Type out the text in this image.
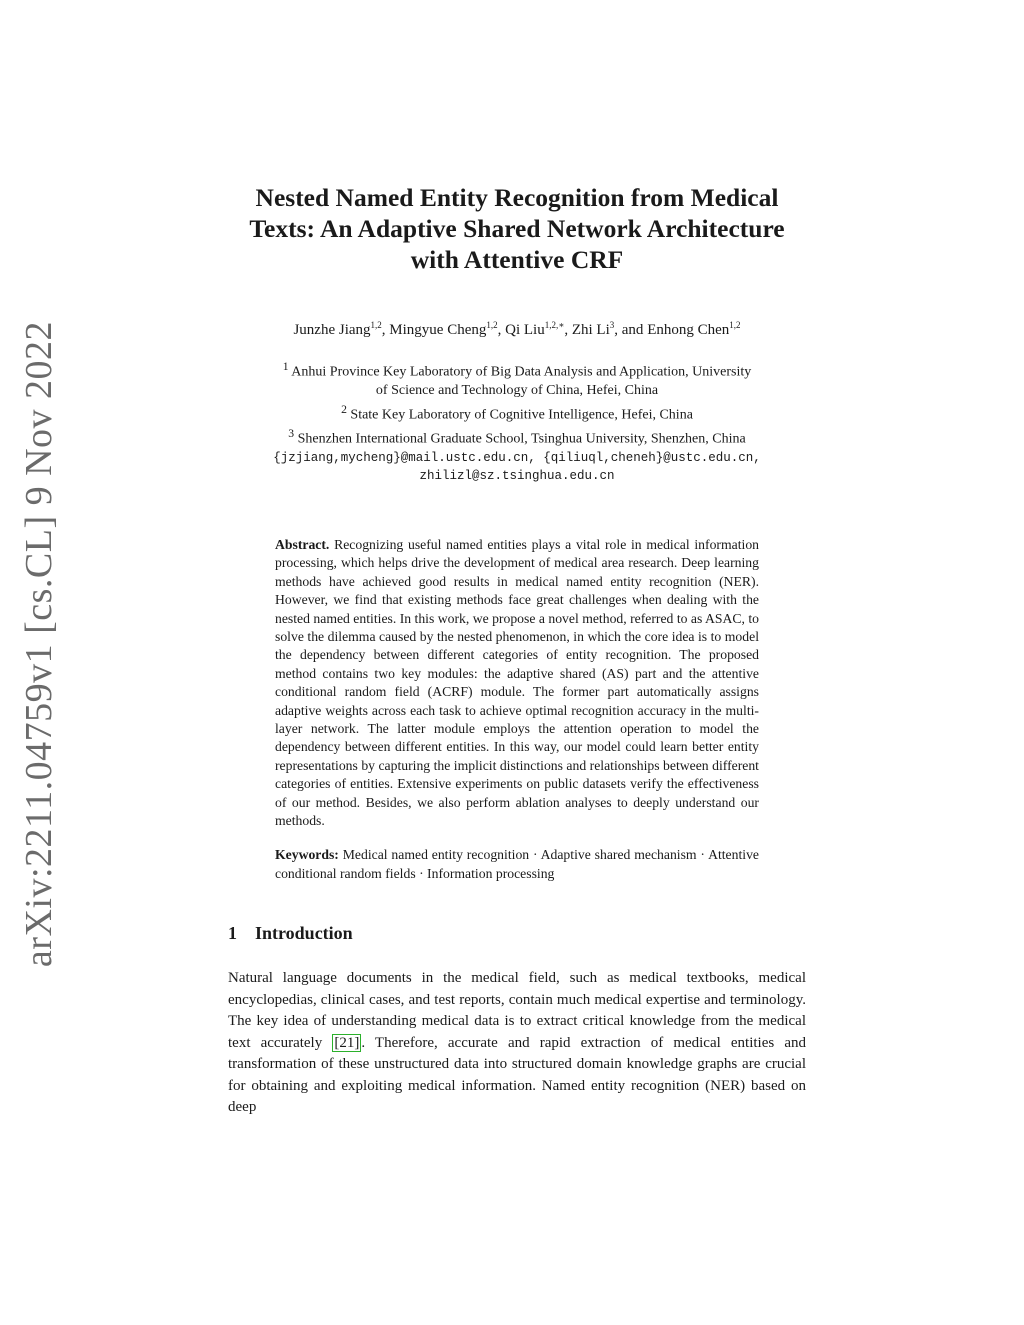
arXiv:2211.04759v1 [cs.CL] 9 Nov 2022
Nested Named Entity Recognition from Medical Texts: An Adaptive Shared Network Architecture with Attentive CRF
Junzhe Jiang$^{1,2}$, Mingyue Cheng$^{1,2}$, Qi Liu$^{1,2,∗}$, Zhi Li$^3$, and Enhong Chen$^{1,2}$
$^1$ Anhui Province Key Laboratory of Big Data Analysis and Application, University
of Science and Technology of China, Hefei, China
$^2$ State Key Laboratory of Cognitive Intelligence, Hefei, China
$^3$ Shenzhen International Graduate School, Tsinghua University, Shenzhen, China
{jzjiang,mycheng}@mail.ustc.edu.cn, {qiliuql,cheneh}@ustc.edu.cn,
zhilizl@sz.tsinghua.edu.cn

Abstract. Recognizing useful named entities plays a vital role in medical information processing, which helps drive the development of medical area research. Deep learning methods have achieved good results in medical named entity recognition (NER). However, we find that existing methods face great challenges when dealing with the nested named entities. In this work, we propose a novel method, referred to as ASAC, to solve the dilemma caused by the nested phenomenon, in which the core idea is to model the dependency between different categories of entity recognition. The proposed method contains two key modules: the adaptive shared (AS) part and the attentive conditional random field (ACRF) module. The former part automatically assigns adaptive weights across each task to achieve optimal recognition accuracy in the multi-layer network. The latter module employs the attention operation to model the dependency between different entities. In this way, our model could learn better entity representations by capturing the implicit distinctions and relationships between different categories of entities. Extensive experiments on public datasets verify the effectiveness of our method. Besides, we also perform ablation analyses to deeply understand our methods.

Keywords: Medical named entity recognition · Adaptive shared mechanism · Attentive conditional random fields · Information processing

1 Introduction
Natural language documents in the medical field, such as medical textbooks, medical encyclopedias, clinical cases, and test reports, contain much medical expertise and terminology. The key idea of understanding medical data is to extract critical knowledge from the medical text accurately [21] . Therefore, accurate and rapid extraction of medical entities and transformation of these unstructured data into structured domain knowledge graphs are crucial for obtaining and exploiting medical information. Named entity recognition (NER) based on deep
